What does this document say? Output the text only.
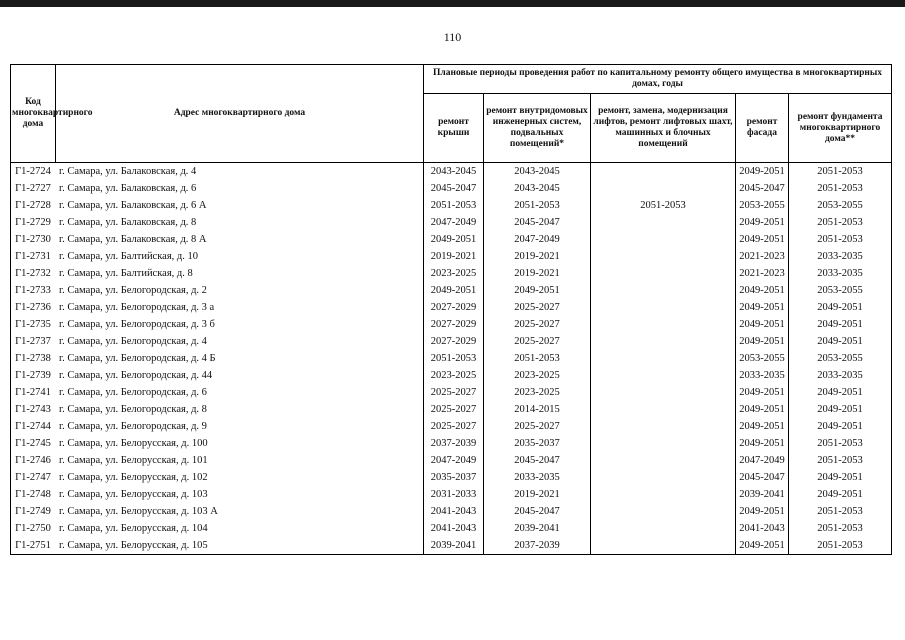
110
Код многоквартирного дома	Адрес многоквартирного дома	Плановые периоды проведения работ по капитальному ремонту общего имущества в многоквартирных домах, годы				
		ремонт крыши	ремонт внутридомовых инженерных систем, подвальных помещений*	ремонт, замена, модернизация лифтов, ремонт лифтовых шахт, машинных и блочных помещений	ремонт фасада	ремонт фундамента многоквартирного дома**
Г1-2724	г. Самара, ул. Балаковская, д. 4	2043-2045	2043-2045		2049-2051	2051-2053
Г1-2727	г. Самара, ул. Балаковская, д. 6	2045-2047	2043-2045		2045-2047	2051-2053
Г1-2728	г. Самара, ул. Балаковская, д. 6 А	2051-2053	2051-2053	2051-2053	2053-2055	2053-2055
Г1-2729	г. Самара, ул. Балаковская, д. 8	2047-2049	2045-2047		2049-2051	2051-2053
Г1-2730	г. Самара, ул. Балаковская, д. 8 А	2049-2051	2047-2049		2049-2051	2051-2053
Г1-2731	г. Самара, ул. Балтийская, д. 10	2019-2021	2019-2021		2021-2023	2033-2035
Г1-2732	г. Самара, ул. Балтийская, д. 8	2023-2025	2019-2021		2021-2023	2033-2035
Г1-2733	г. Самара, ул. Белогородская, д. 2	2049-2051	2049-2051		2049-2051	2053-2055
Г1-2736	г. Самара, ул. Белогородская, д. 3 а	2027-2029	2025-2027		2049-2051	2049-2051
Г1-2735	г. Самара, ул. Белогородская, д. 3 б	2027-2029	2025-2027		2049-2051	2049-2051
Г1-2737	г. Самара, ул. Белогородская, д. 4	2027-2029	2025-2027		2049-2051	2049-2051
Г1-2738	г. Самара, ул. Белогородская, д. 4 Б	2051-2053	2051-2053		2053-2055	2053-2055
Г1-2739	г. Самара, ул. Белогородская, д. 44	2023-2025	2023-2025		2033-2035	2033-2035
Г1-2741	г. Самара, ул. Белогородская, д. 6	2025-2027	2023-2025		2049-2051	2049-2051
Г1-2743	г. Самара, ул. Белогородская, д. 8	2025-2027	2014-2015		2049-2051	2049-2051
Г1-2744	г. Самара, ул. Белогородская, д. 9	2025-2027	2025-2027		2049-2051	2049-2051
Г1-2745	г. Самара, ул. Белорусская, д. 100	2037-2039	2035-2037		2049-2051	2051-2053
Г1-2746	г. Самара, ул. Белорусская, д. 101	2047-2049	2045-2047		2047-2049	2051-2053
Г1-2747	г. Самара, ул. Белорусская, д. 102	2035-2037	2033-2035		2045-2047	2049-2051
Г1-2748	г. Самара, ул. Белорусская, д. 103	2031-2033	2019-2021		2039-2041	2049-2051
Г1-2749	г. Самара, ул. Белорусская, д. 103 А	2041-2043	2045-2047		2049-2051	2051-2053
Г1-2750	г. Самара, ул. Белорусская, д. 104	2041-2043	2039-2041		2041-2043	2051-2053
Г1-2751	г. Самара, ул. Белорусская, д. 105	2039-2041	2037-2039		2049-2051	2051-2053
